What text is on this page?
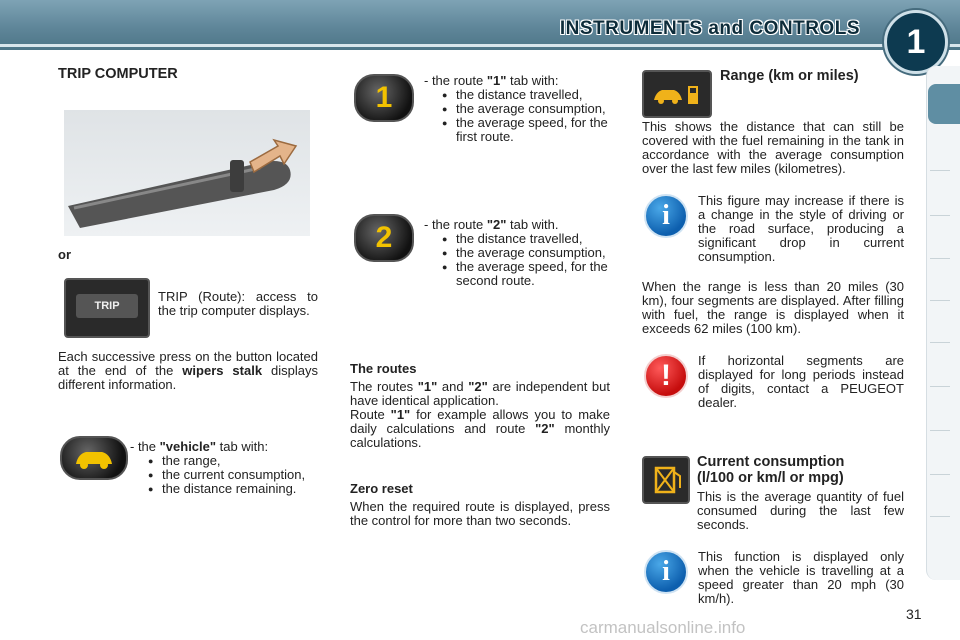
INSTRUMENTS and CONTROLS	1
TRIP COMPUTER
or
TRIP
TRIP (Route): access to the trip computer displays.
Each successive press on the button located at the end of the wipers stalk displays different information.
- the "vehicle" tab with:
● the range,
● the current consumption,
● the distance remaining.
1
- the route "1" tab with:
● the distance travelled,
● the average consumption,
● the average speed, for the first route.
2	- the route "2" tab with.
● the distance travelled,
● the average consumption,
● the average speed, for the second route.
The routes
The routes "1" and "2" are independent but have identical application.
Route "1" for example allows you to make daily calculations and route "2" monthly calculations.
Zero reset
When the required route is displayed, press the control for more than two seconds.
Range (km or miles)
This shows the distance that can still be covered with the fuel remaining in the tank in accordance with the average consumption over the last few miles (kilometres).
i	This figure may increase if there is a change in the style of driving or the road surface, producing a significant drop in current consumption.
When the range is less than 20 miles (30 km), four segments are displayed. After filling with fuel, the range is displayed when it exceeds 62 miles (100 km).
!	If horizontal segments are displayed for long periods instead of digits, contact a PEUGEOT dealer.
Current consumption
(l/100 or km/l or mpg)
This is the average quantity of fuel consumed during the last few seconds.
i	This function is displayed only when the vehicle is travelling at a speed greater than 20 mph (30 km/h).
31
carmanualsonline.info
